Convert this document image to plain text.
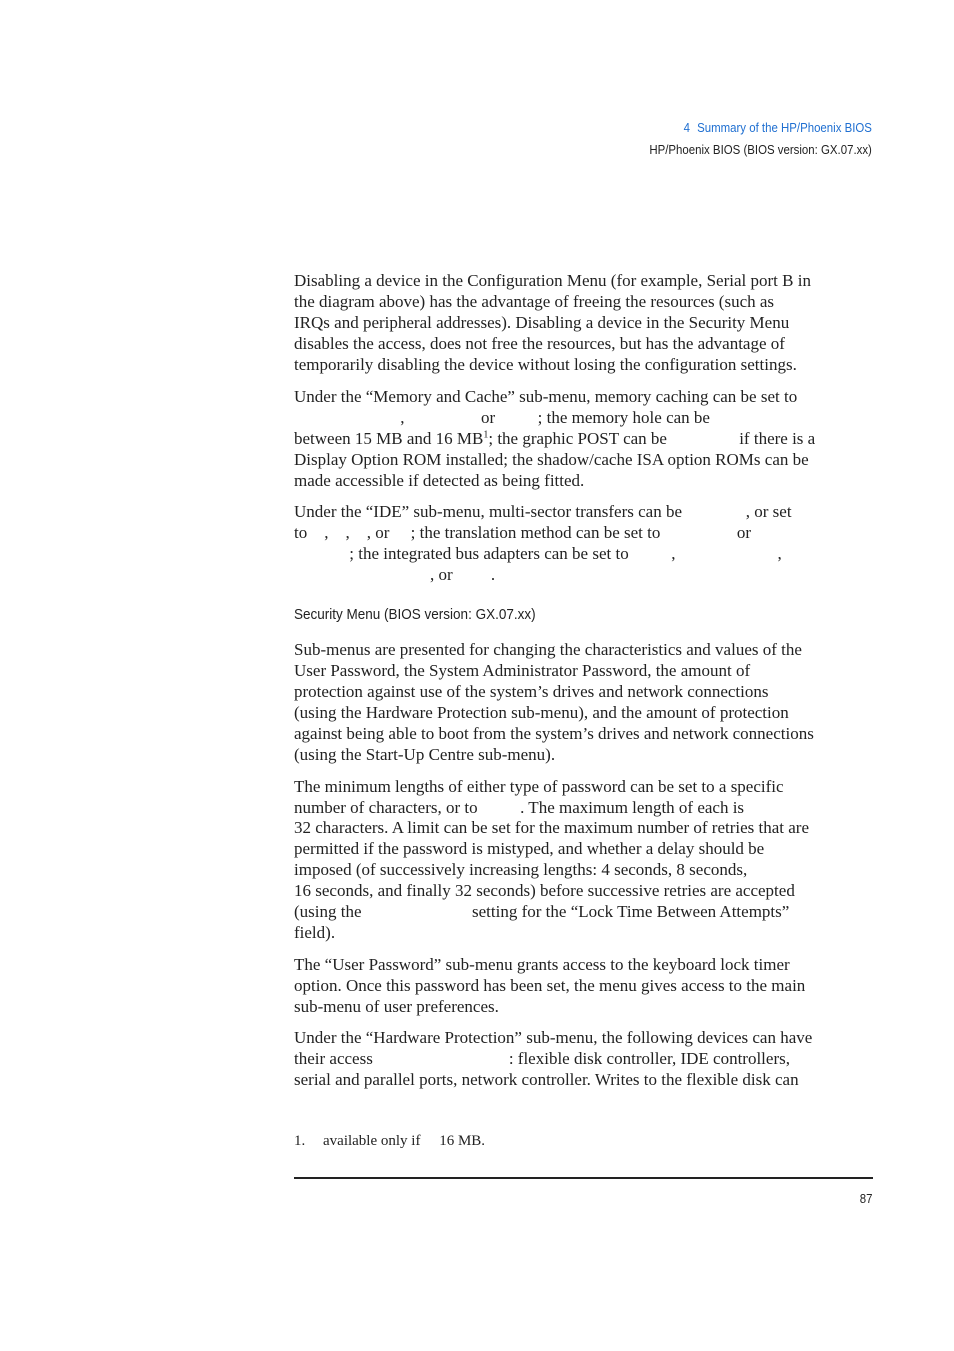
4 Summary of the HP/Phoenix BIOS
HP/Phoenix BIOS (BIOS version: GX.07.xx)
Disabling a device in the Configuration Menu (for example, Serial port B in
the diagram above) has the advantage of freeing the resources (such as
IRQs and peripheral addresses). Disabling a device in the Security Menu
disables the access, does not free the resources, but has the advantage of
temporarily disabling the device without losing the configuration settings.
Under the “Memory and Cache” sub-menu, memory caching can be set to
,                  or          ; the memory hole can be
between 15 MB and 16 $MB^1$; the graphic POST can be                 if there is a
Display Option ROM installed; the shadow/cache ISA option ROMs can be
made accessible if detected as being fitted.
Under the “IDE” sub-menu, multi-sector transfers can be               , or set
to    ,    ,    , or     ; the translation method can be set to                  or
; the integrated bus adapters can be set to          ,                        ,
, or         .
Security Menu (BIOS version: GX.07.xx)
Sub-menus are presented for changing the characteristics and values of the
User Password, the System Administrator Password, the amount of
protection against use of the system’s drives and network connections
(using the Hardware Protection sub-menu), and the amount of protection
against being able to boot from the system’s drives and network connections
(using the Start-Up Centre sub-menu).
The minimum lengths of either type of password can be set to a specific
number of characters, or to          . The maximum length of each is
32 characters. A limit can be set for the maximum number of retries that are
permitted if the password is mistyped, and whether a delay should be
imposed (of successively increasing lengths: 4 seconds, 8 seconds,
16 seconds, and finally 32 seconds) before successive retries are accepted
(using the                          setting for the “Lock Time Between Attempts”
field).
The “User Password” sub-menu grants access to the keyboard lock timer
option. Once this password has been set, the menu gives access to the main
sub-menu of user preferences.
Under the “Hardware Protection” sub-menu, the following devices can have
their access                                : flexible disk controller, IDE controllers,
serial and parallel ports, network controller. Writes to the flexible disk can
1. available only if     16 MB.
87
